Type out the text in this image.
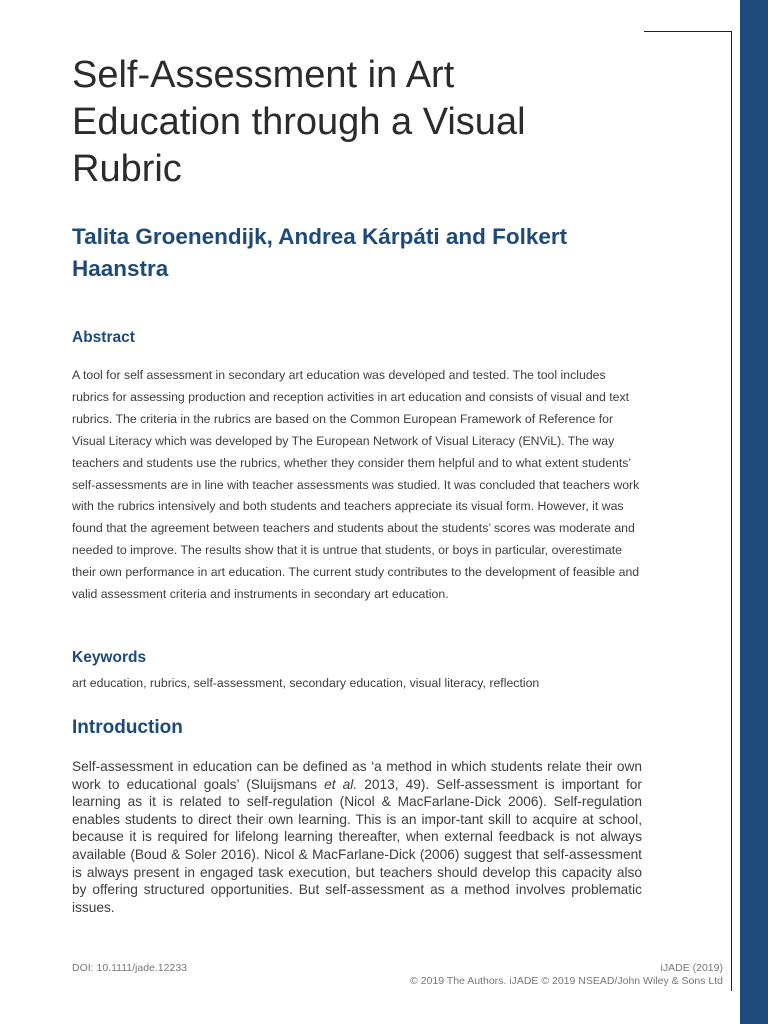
Self-Assessment in Art Education through a Visual Rubric

Talita Groenendijk, Andrea Kárpáti and Folkert Haanstra

Abstract

A tool for self assessment in secondary art education was developed and tested. The tool includes rubrics for assessing production and reception activities in art education and consists of visual and text rubrics. The criteria in the rubrics are based on the Common European Framework of Reference for Visual Literacy which was developed by The European Network of Visual Literacy (ENViL). The way teachers and students use the rubrics, whether they consider them helpful and to what extent students’ self-assessments are in line with teacher assessments was studied. It was concluded that teachers work with the rubrics intensively and both students and teachers appreciate its visual form. However, it was found that the agreement between teachers and students about the students’ scores was moderate and needed to improve. The results show that it is untrue that students, or boys in particular, overestimate their own performance in art education. The current study contributes to the development of feasible and valid assessment criteria and instruments in secondary art education.

Keywords

art education, rubrics, self-assessment, secondary education, visual literacy, reflection

Introduction

Self-assessment in education can be defined as ‘a method in which students relate their own work to educational goals’ (Sluijsmans et al. 2013, 49). Self-assessment is important for learning as it is related to self-regulation (Nicol & MacFarlane-Dick 2006). Self-regulation enables students to direct their own learning. This is an impor-tant skill to acquire at school, because it is required for lifelong learning thereafter, when external feedback is not always available (Boud & Soler 2016). Nicol & MacFarlane-Dick (2006) suggest that self-assessment is always present in engaged task execution, but teachers should develop this capacity also by offering structured opportunities. But self-assessment as a method involves problematic issues.

DOI: 10.1111/jade.12233	iJADE (2019)
© 2019 The Authors. iJADE © 2019 NSEAD/John Wiley & Sons Ltd
